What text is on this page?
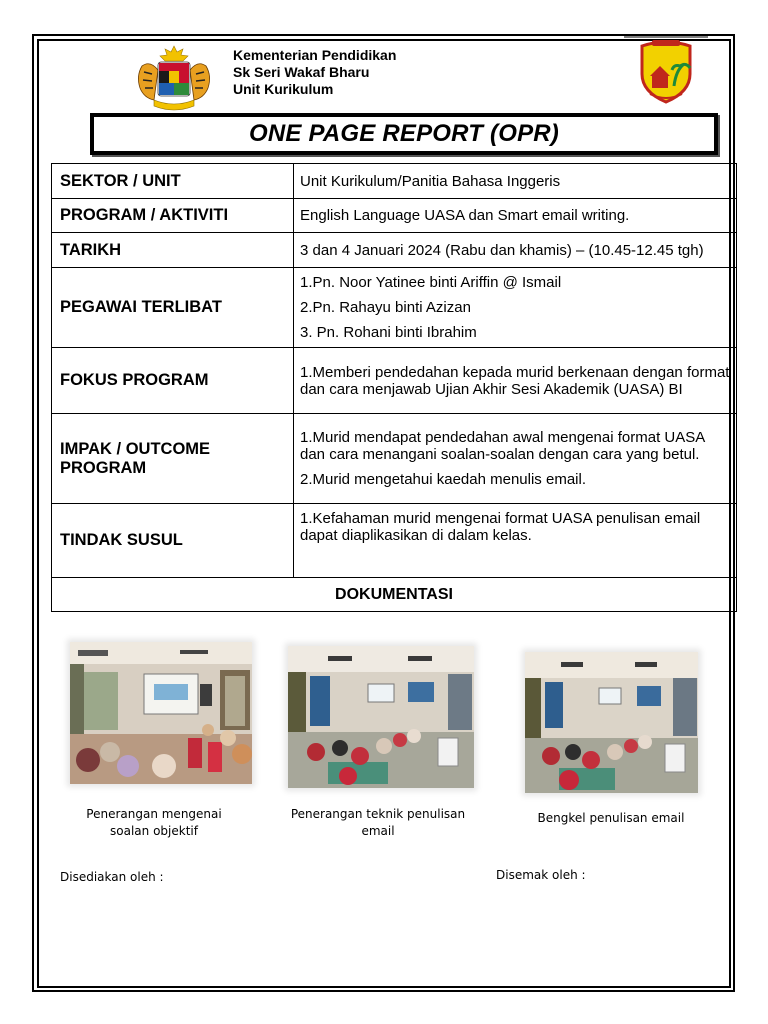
Kementerian Pendidikan
Sk Seri Wakaf Bharu
Unit Kurikulum
ONE PAGE REPORT (OPR)
SEKTOR / UNIT	Unit Kurikulum/Panitia Bahasa Inggeris
PROGRAM / AKTIVITI	English Language UASA dan Smart email writing.
TARIKH	3 dan 4 Januari 2024 (Rabu dan khamis) – (10.45-12.45 tgh)
PEGAWAI TERLIBAT	1.Pn. Noor Yatinee binti Ariffin @ Ismail

2.Pn. Rahayu binti Azizan

3. Pn. Rohani binti Ibrahim

FOKUS PROGRAM	1.Memberi pendedahan kepada murid berkenaan dengan format dan cara menjawab Ujian Akhir Sesi Akademik (UASA) BI

IMPAK / OUTCOME PROGRAM	1.Murid mendapat pendedahan awal mengenai format UASA dan cara menangani soalan-soalan dengan cara yang betul.

2.Murid mengetahui kaedah menulis email.

TINDAK SUSUL	1.Kefahaman murid mengenai format UASA penulisan email dapat diaplikasikan di dalam kelas.

DOKUMENTASI	
Penerangan mengenai soalan objektif
Penerangan teknik penulisan email
Bengkel penulisan email
Disediakan oleh :	Disemak oleh :
